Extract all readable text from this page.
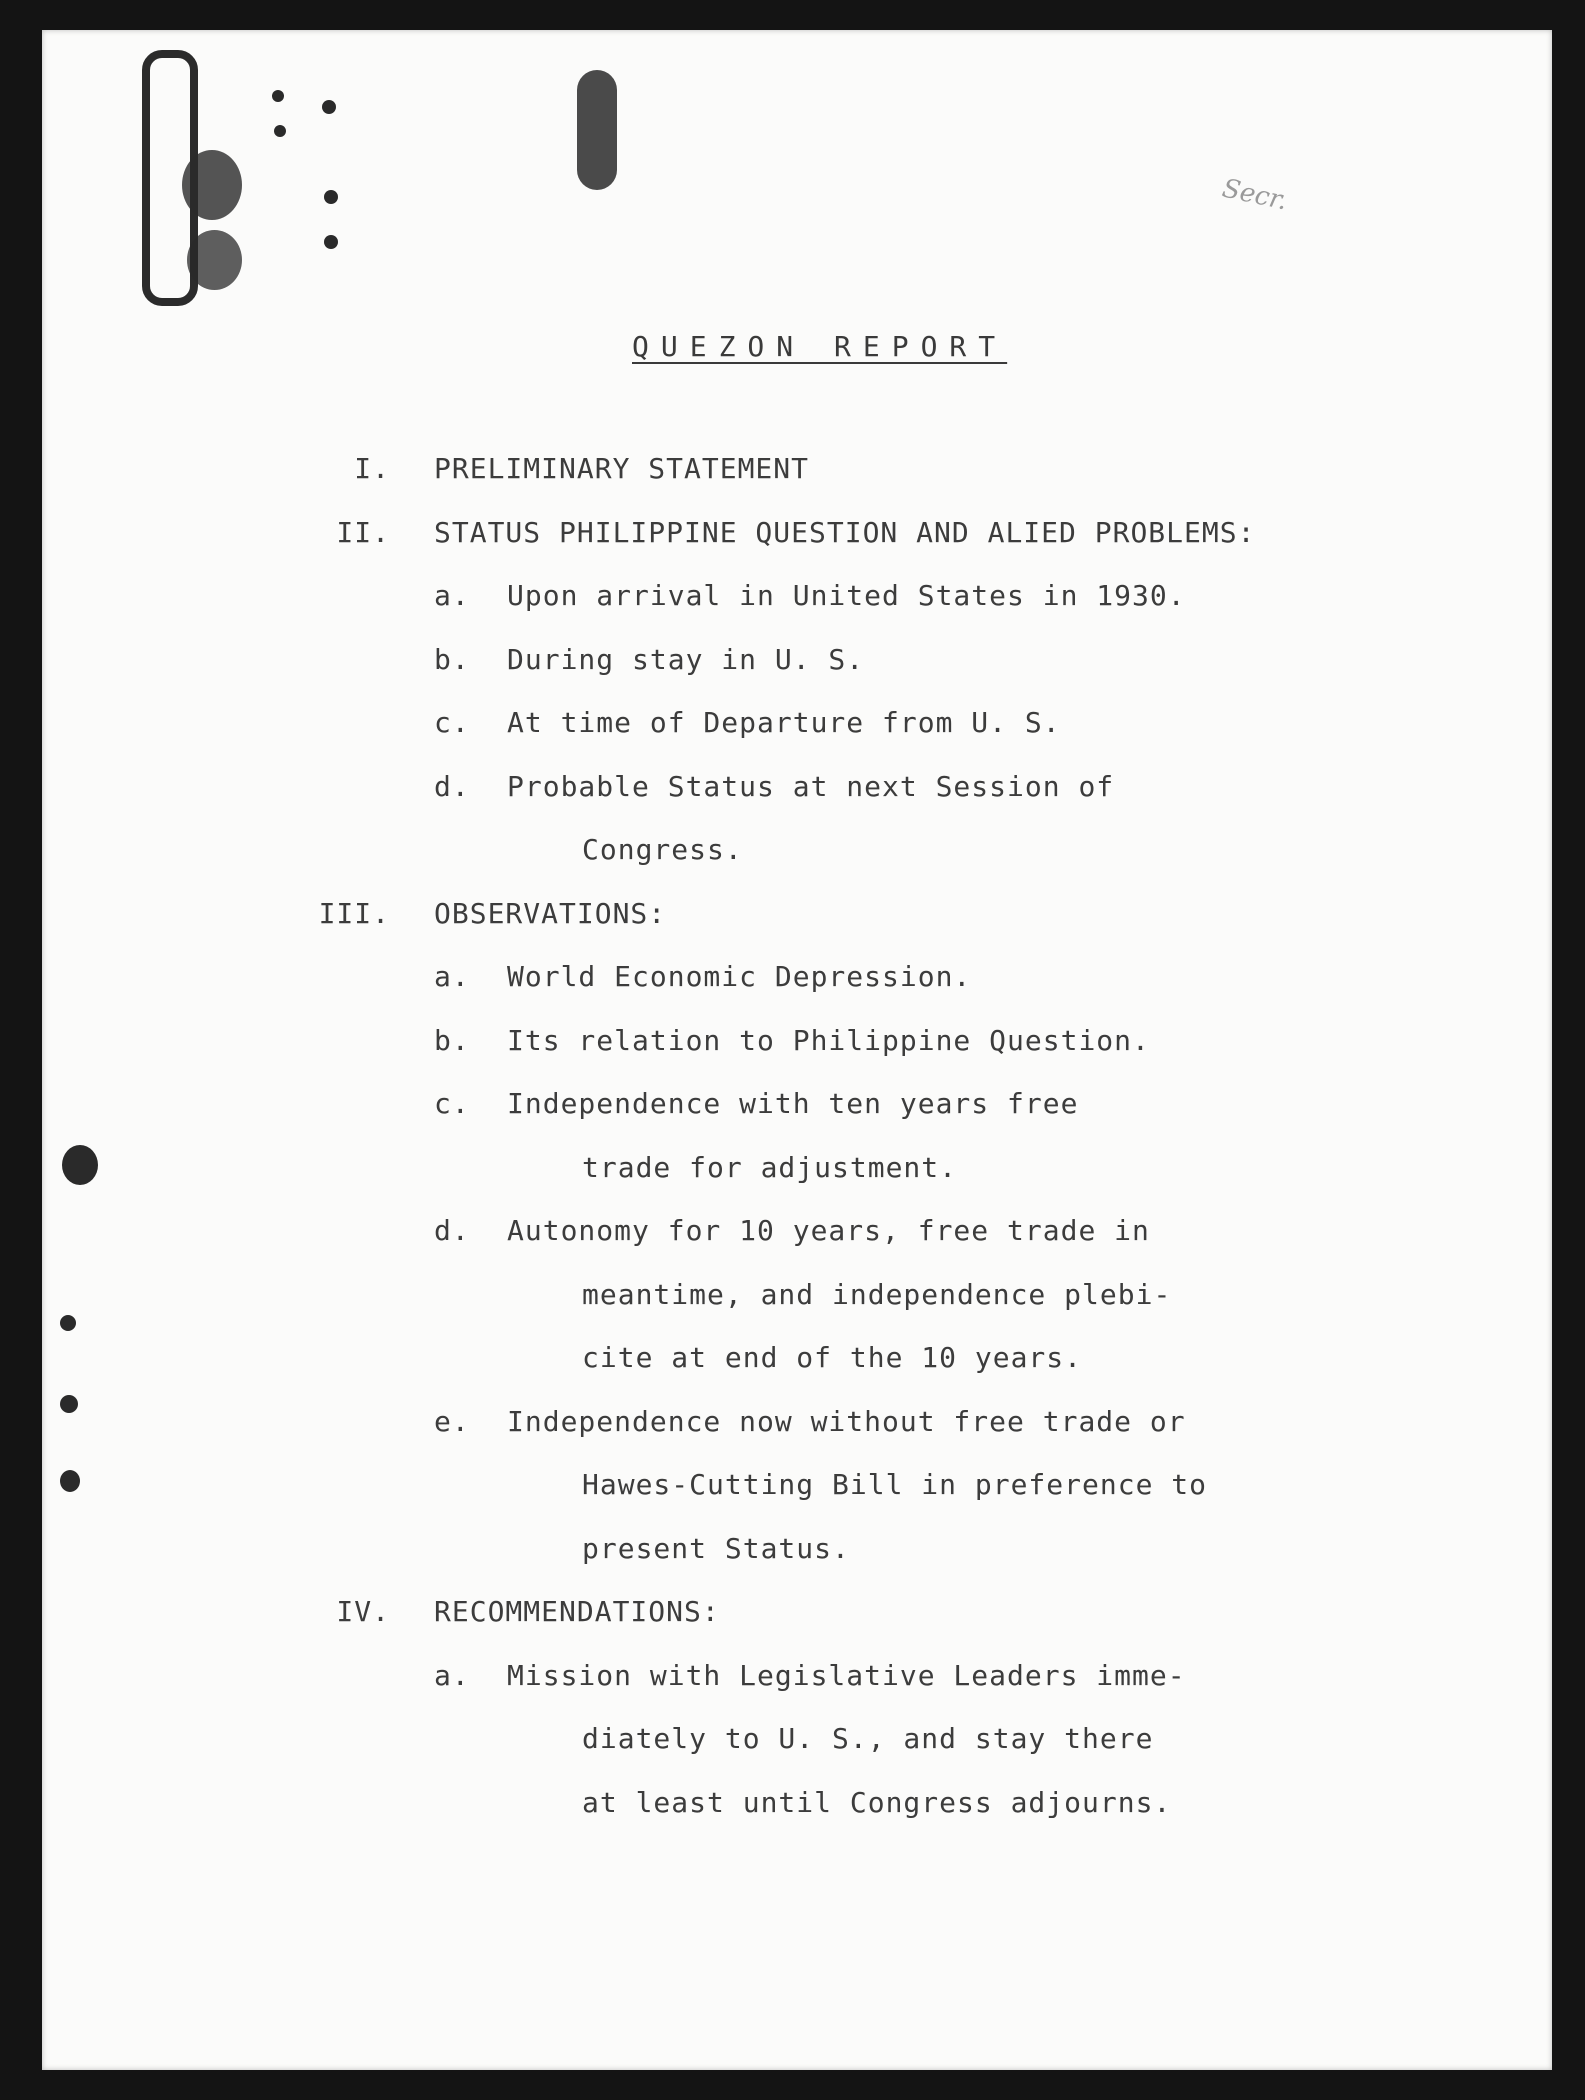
Secr.
QUEZON REPORT
I. PRELIMINARY STATEMENT
II. STATUS PHILIPPINE QUESTION AND ALIED PROBLEMS:
a. Upon arrival in United States in 1930.
b. During stay in U. S.
c. At time of Departure from U. S.
d. Probable Status at next Session of
Congress.
III. OBSERVATIONS:
a. World Economic Depression.
b. Its relation to Philippine Question.
c. Independence with ten years free
trade for adjustment.
d. Autonomy for 10 years, free trade in
meantime, and independence plebi-
cite at end of the 10 years.
e. Independence now without free trade or
Hawes-Cutting Bill in preference to
present Status.
IV. RECOMMENDATIONS:
a. Mission with Legislative Leaders imme-
diately to U. S., and stay there
at least until Congress adjourns.
